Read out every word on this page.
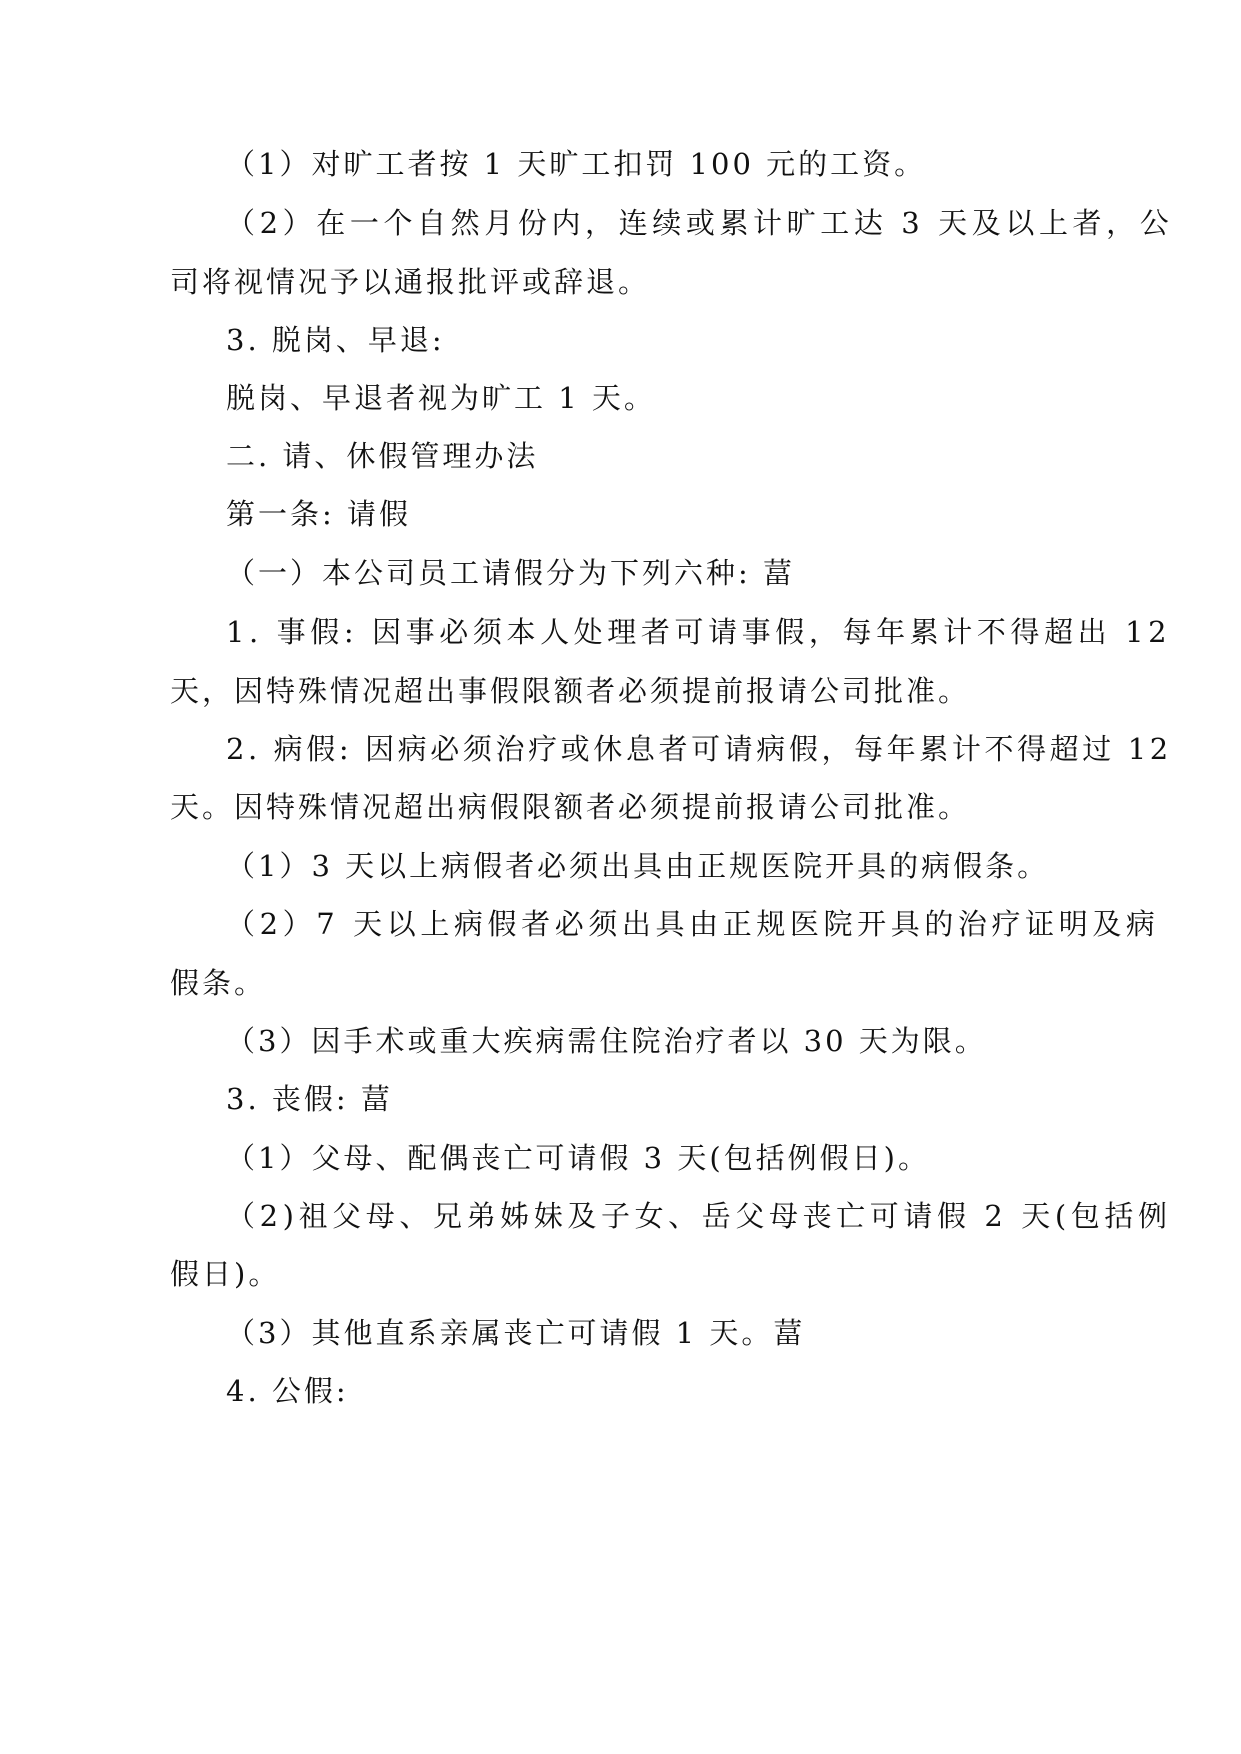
（1）对旷工者按 1 天旷工扣罚 100 元的工资。
（2）在一个自然月份内，连续或累计旷工达 3 天及以上者，公
司将视情况予以通报批评或辞退。
3. 脱岗、早退:
脱岗、早退者视为旷工 1 天。
二. 请、休假管理办法
第一条: 请假
（一）本公司员工请假分为下列六种: 葍
1. 事假: 因事必须本人处理者可请事假，每年累计不得超出 12
天，因特殊情况超出事假限额者必须提前报请公司批准。
2. 病假: 因病必须治疗或休息者可请病假，每年累计不得超过 12
天。因特殊情况超出病假限额者必须提前报请公司批准。
（1）3 天以上病假者必须出具由正规医院开具的病假条。
（2）7 天以上病假者必须出具由正规医院开具的治疗证明及病
假条。
（3）因手术或重大疾病需住院治疗者以 30 天为限。
3. 丧假: 葍
（1）父母、配偶丧亡可请假 3 天(包括例假日)。
（2)祖父母、兄弟姊妹及子女、岳父母丧亡可请假 2 天(包括例
假日)。
（3）其他直系亲属丧亡可请假 1 天。葍
4. 公假:
